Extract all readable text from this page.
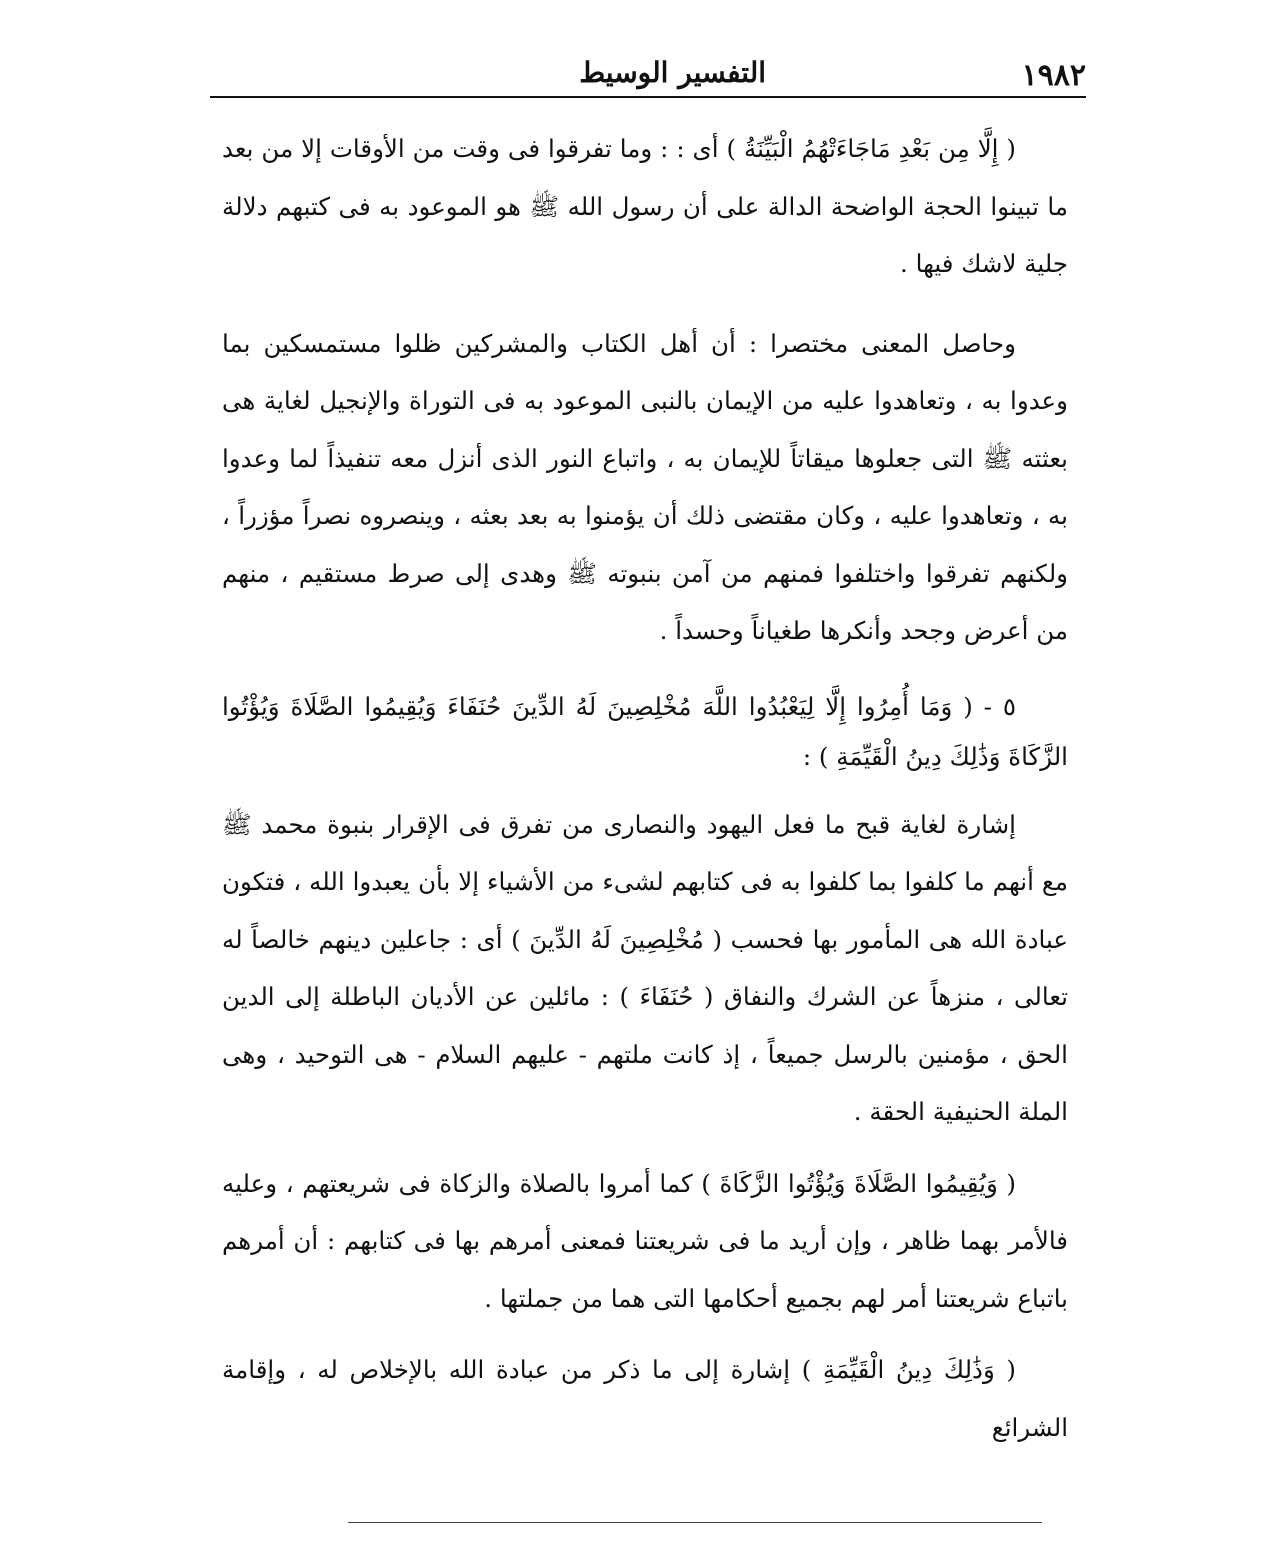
١٩٨٢
التفسير الوسيط

( إِلَّا مِن بَعْدِ مَاجَاءَتْهُمُ الْبَيِّنَةُ ) أى : : وما تفرقوا فى وقت من الأوقات إلا من بعد ما تبينوا الحجة الواضحة الدالة على أن رسول الله ﷺ هو الموعود به فى كتبهم دلالة جلية لاشك فيها .

وحاصل المعنى مختصرا : أن أهل الكتاب والمشركين ظلوا مستمسكين بما وعدوا به ، وتعاهدوا عليه من الإيمان بالنبى الموعود به فى التوراة والإنجيل لغاية هى بعثته ﷺ التى جعلوها ميقاتاً للإيمان به ، واتباع النور الذى أنزل معه تنفيذاً لما وعدوا به ، وتعاهدوا عليه ، وكان مقتضى ذلك أن يؤمنوا به بعد بعثه ، وينصروه نصراً مؤزراً ، ولكنهم تفرقوا واختلفوا فمنهم من آمن بنبوته ﷺ وهدى إلى صرط مستقيم ، منهم من أعرض وجحد وأنكرها طغياناً وحسداً .

٥ - ( وَمَا أُمِرُوا إِلَّا لِيَعْبُدُوا اللَّهَ مُخْلِصِينَ لَهُ الدِّينَ حُنَفَاءَ وَيُقِيمُوا الصَّلَاةَ وَيُؤْتُوا الزَّكَاةَ وَذَٰلِكَ دِينُ الْقَيِّمَةِ ) :

إشارة لغاية قبح ما فعل اليهود والنصارى من تفرق فى الإقرار بنبوة محمد ﷺ مع أنهم ما كلفوا بما كلفوا به فى كتابهم لشىء من الأشياء إلا بأن يعبدوا الله ، فتكون عبادة الله هى المأمور بها فحسب ( مُخْلِصِينَ لَهُ الدِّينَ ) أى : جاعلين دينهم خالصاً له تعالى ، منزهاً عن الشرك والنفاق ( حُنَفَاءَ ) : مائلين عن الأديان الباطلة إلى الدين الحق ، مؤمنين بالرسل جميعاً ، إذ كانت ملتهم - عليهم السلام - هى التوحيد ، وهى الملة الحنيفية الحقة .

( وَيُقِيمُوا الصَّلَاةَ وَيُؤْتُوا الزَّكَاةَ ) كما أمروا بالصلاة والزكاة فى شريعتهم ، وعليه فالأمر بهما ظاهر ، وإن أريد ما فى شريعتنا فمعنى أمرهم بها فى كتابهم : أن أمرهم باتباع شريعتنا أمر لهم بجميع أحكامها التى هما من جملتها .

( وَذَٰلِكَ دِينُ الْقَيِّمَةِ ) إشارة إلى ما ذكر من عبادة الله بالإخلاص له ، وإقامة الشرائع
